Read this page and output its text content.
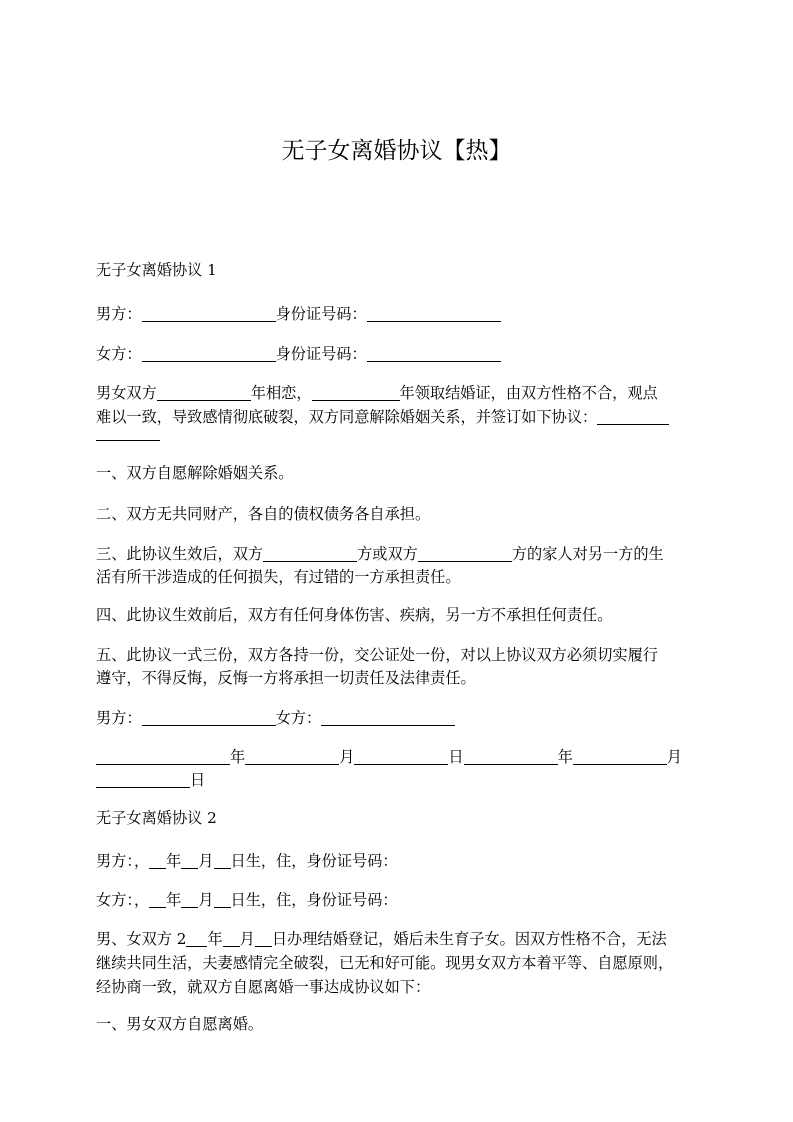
无子女离婚协议【热】
无子女离婚协议 1
男方：	身份证号码：
女方：	身份证号码：
男女双方	年相恋，	年领取结婚证，由双方性格不合，观点
难以一致，导致感情彻底破裂，双方同意解除婚姻关系，并签订如下协议：
一、双方自愿解除婚姻关系。
二、双方无共同财产，各自的债权债务各自承担。
三、此协议生效后，双方	方或双方	方的家人对另一方的生
活有所干涉造成的任何损失，有过错的一方承担责任。
四、此协议生效前后，双方有任何身体伤害、疾病，另一方不承担任何责任。
五、此协议一式三份，双方各持一份，交公证处一份，对以上协议双方必须切实履行
遵守，不得反悔，反悔一方将承担一切责任及法律责任。
男方：	女方：
年	月	日	年	月
日
无子女离婚协议 2
男方：， 年 月 日生，住，身份证号码：
女方：， 年 月 日生，住，身份证号码：
男、女双方 2 年 月 日办理结婚登记，婚后未生育子女。因双方性格不合，无法
继续共同生活，夫妻感情完全破裂，已无和好可能。现男女双方本着平等、自愿原则，
经协商一致，就双方自愿离婚一事达成协议如下：
一、男女双方自愿离婚。
